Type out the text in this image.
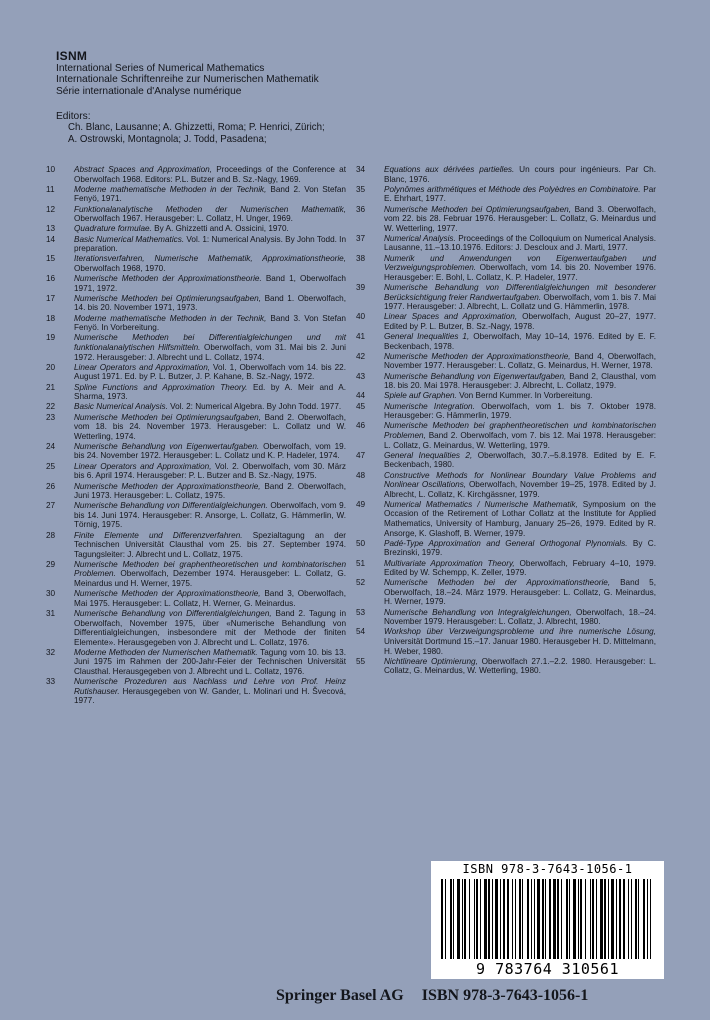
ISNM
International Series of Numerical Mathematics
Internationale Schriftenreihe zur Numerischen Mathematik
Série internationale d'Analyse numérique
Editors:
Ch. Blanc, Lausanne; A. Ghizzetti, Roma; P. Henrici, Zürich;
A. Ostrowski, Montagnola; J. Todd, Pasadena;
10	Abstract Spaces and Approximation, Proceedings of the Conference at Oberwolfach 1968. Editors: P.L. Butzer and B. Sz.-Nagy, 1969.
11	Moderne mathematische Methoden in der Technik, Band 2. Von Stefan Fenyö, 1971.
12	Funktionalanalytische Methoden der Numerischen Mathematik, Oberwolfach 1967. Herausgeber: L. Collatz, H. Unger, 1969.
13	Quadrature formulae. By A. Ghizzetti and A. Ossicini, 1970.
14	Basic Numerical Mathematics. Vol. 1: Numerical Analysis. By John Todd. In preparation.
15	Iterationsverfahren, Numerische Mathematik, Approximationstheorie, Oberwolfach 1968, 1970.
16	Numerische Methoden der Approximationstheorie. Band 1, Oberwolfach 1971, 1972.
17	Numerische Methoden bei Optimierungsaufgaben, Band 1. Oberwolfach, 14. bis 20. November 1971, 1973.
18	Moderne mathematische Methoden in der Technik, Band 3. Von Stefan Fenyö. In Vorbereitung.
19	Numerische Methoden bei Differentialgleichungen und mit funktionalanalytischen Hilfsmitteln. Oberwolfach, vom 31. Mai bis 2. Juni 1972. Herausgeber: J. Albrecht und L. Collatz, 1974.
20	Linear Operators and Approximation, Vol. 1, Oberwolfach vom 14. bis 22. August 1971. Ed. by P. L. Butzer, J. P. Kahane, B. Sz.-Nagy, 1972.
21	Spline Functions and Approximation Theory. Ed. by A. Meir and A. Sharma, 1973.
22	Basic Numerical Analysis. Vol. 2: Numerical Algebra. By John Todd. 1977.
23	Numerische Methoden bei Optimierungsaufgaben, Band 2. Oberwolfach, vom 18. bis 24. November 1973. Herausgeber: L. Collatz und W. Wetterling, 1974.
24	Numerische Behandlung von Eigenwertaufgaben. Oberwolfach, vom 19. bis 24. November 1972. Herausgeber: L. Collatz und K. P. Hadeler, 1974.
25	Linear Operators and Approximation, Vol. 2. Oberwolfach, vom 30. März bis 6. April 1974. Herausgeber: P. L. Butzer and B. Sz.-Nagy, 1975.
26	Numerische Methoden der Approximationstheorie, Band 2. Oberwolfach, Juni 1973. Herausgeber: L. Collatz, 1975.
27	Numerische Behandlung von Differentialgleichungen. Oberwolfach, vom 9. bis 14. Juni 1974. Herausgeber: R. Ansorge, L. Collatz, G. Hämmerlin, W. Törnig, 1975.
28	Finite Elemente und Differenzverfahren. Spezialtagung an der Technischen Universität Clausthal vom 25. bis 27. September 1974. Tagungsleiter: J. Albrecht und L. Collatz, 1975.
29	Numerische Methoden bei graphentheoretischen und kombinatorischen Problemen. Oberwolfach, Dezember 1974. Herausgeber: L. Collatz, G. Meinardus und H. Werner, 1975.
30	Numerische Methoden der Approximationstheorie, Band 3, Oberwolfach, Mai 1975. Herausgeber: L. Collatz, H. Werner, G. Meinardus.
31	Numerische Behandlung von Differentialgleichungen, Band 2. Tagung in Oberwolfach, November 1975, über «Numerische Behandlung von Differentialgleichungen, insbesondere mit der Methode der finiten Elemente». Herausgegeben von J. Albrecht und L. Collatz, 1976.
32	Moderne Methoden der Numerischen Mathematik. Tagung vom 10. bis 13. Juni 1975 im Rahmen der 200-Jahr-Feier der Technischen Universität Clausthal. Herausgegeben von J. Albrecht und L. Collatz, 1976.
33	Numerische Prozeduren aus Nachlass und Lehre von Prof. Heinz Rutishauser. Herausgegeben von W. Gander, L. Molinari und H. Švecová, 1977.
34	Equations aux dérivées partielles. Un cours pour ingénieurs. Par Ch. Blanc, 1976.
35	Polynômes arithmétiques et Méthode des Polyèdres en Combinatoire. Par E. Ehrhart, 1977.
36	Numerische Methoden bei Optimierungsaufgaben, Band 3. Oberwolfach, vom 22. bis 28. Februar 1976. Herausgeber: L. Collatz, G. Meinardus und W. Wetterling, 1977.
37	Numerical Analysis. Proceedings of the Colloquium on Numerical Analysis. Lausanne, 11.–13.10.1976. Editors: J. Descloux and J. Marti, 1977.
38	Numerik und Anwendungen von Eigenwertaufgaben und Verzweigungsproblemen. Oberwolfach, vom 14. bis 20. November 1976. Herausgeber: E. Bohl, L. Collatz, K. P. Hadeler, 1977.
39	Numerische Behandlung von Differentialgleichungen mit besonderer Berücksichtigung freier Randwertaufgaben. Oberwolfach, vom 1. bis 7. Mai 1977. Herausgeber: J. Albrecht, L. Collatz und G. Hämmerlin, 1978.
40	Linear Spaces and Approximation, Oberwolfach, August 20–27, 1977. Edited by P. L. Butzer, B. Sz.-Nagy, 1978.
41	General Inequalities 1, Oberwolfach, May 10–14, 1976. Edited by E. F. Beckenbach, 1978.
42	Numerische Methoden der Approximationstheorie, Band 4, Oberwolfach, November 1977. Herausgeber: L. Collatz, G. Meinardus, H. Werner, 1978.
43	Numerische Behandlung von Eigenwertaufgaben, Band 2, Clausthal, vom 18. bis 20. Mai 1978. Herausgeber: J. Albrecht, L. Collatz, 1979.
44	Spiele auf Graphen. Von Bernd Kummer. In Vorbereitung.
45	Numerische Integration. Oberwolfach, vom 1. bis 7. Oktober 1978. Herausgeber: G. Hämmerlin, 1979.
46	Numerische Methoden bei graphentheoretischen und kombinatorischen Problemen, Band 2. Oberwolfach, vom 7. bis 12. Mai 1978. Herausgeber: L. Collatz, G. Meinardus, W. Wetterling, 1979.
47	General Inequalities 2, Oberwolfach, 30.7.–5.8.1978. Edited by E. F. Beckenbach, 1980.
48	Constructive Methods for Nonlinear Boundary Value Problems and Nonlinear Oscillations, Oberwolfach, November 19–25, 1978. Edited by J. Albrecht, L. Collatz, K. Kirchgässner, 1979.
49	Numerical Mathematics / Numerische Mathematik, Symposium on the Occasion of the Retirement of Lothar Collatz at the Institute for Applied Mathematics, University of Hamburg, January 25–26, 1979. Edited by R. Ansorge, K. Glashoff, B. Werner, 1979.
50	Padé-Type Approximation and General Orthogonal Plynomials. By C. Brezinski, 1979.
51	Multivariate Approximation Theory, Oberwolfach, February 4–10, 1979. Edited by W. Schempp, K. Zeller, 1979.
52	Numerische Methoden bei der Approximationstheorie, Band 5, Oberwolfach, 18.–24. März 1979. Herausgeber: L. Collatz, G. Meinardus, H. Werner, 1979.
53	Numerische Behandlung von Integralgleichungen, Oberwolfach, 18.–24. November 1979. Herausgeber: L. Collatz, J. Albrecht, 1980.
54	Workshop über Verzweigungsprobleme und ihre numerische Lösung, Universität Dortmund 15.–17. Januar 1980. Herausgeber H. D. Mittelmann, H. Weber, 1980.
55	Nichtlineare Optimierung, Oberwolfach 27.1.–2.2. 1980. Herausgeber: L. Collatz, G. Meinardus, W. Wetterling, 1980.
ISBN 978-3-7643-1056-1
9 783764 310561
Springer Basel AG ISBN 978-3-7643-1056-1
